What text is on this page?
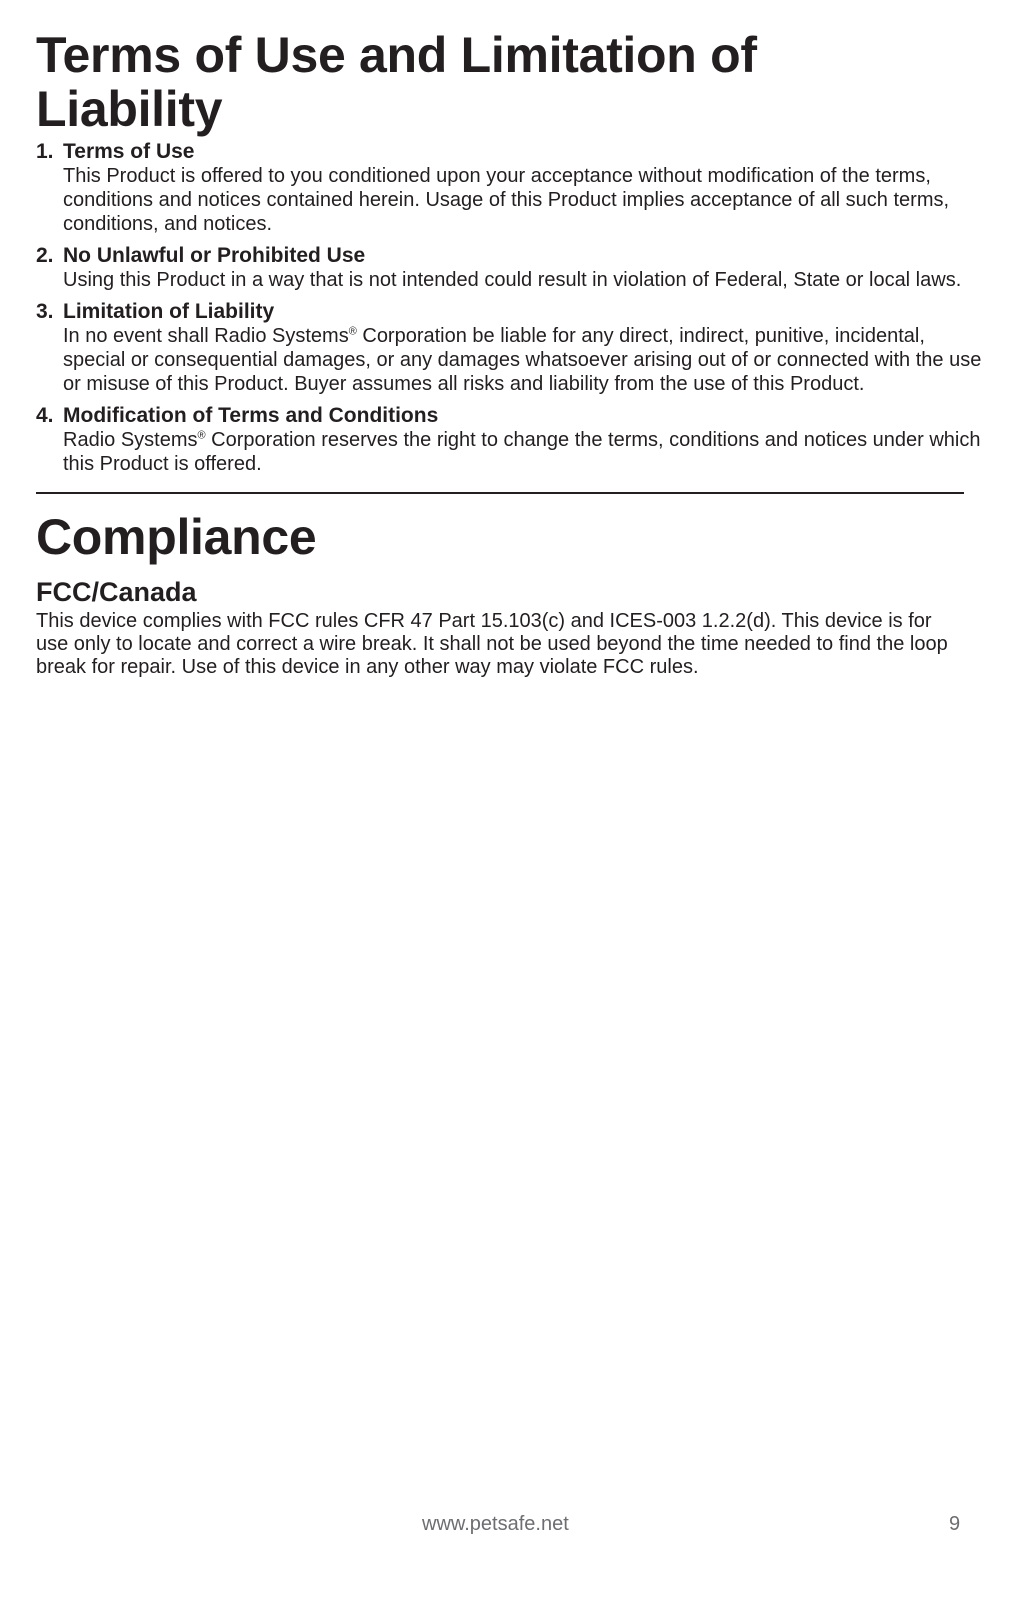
Terms of Use and Limitation of Liability
1. Terms of Use
This Product is offered to you conditioned upon your acceptance without modification of the terms, conditions and notices contained herein. Usage of this Product implies acceptance of all such terms, conditions, and notices.
2. No Unlawful or Prohibited Use
Using this Product in a way that is not intended could result in violation of Federal, State or local laws.
3. Limitation of Liability
In no event shall Radio Systems® Corporation be liable for any direct, indirect, punitive, incidental, special or consequential damages, or any damages whatsoever arising out of or connected with the use or misuse of this Product. Buyer assumes all risks and liability from the use of this Product.
4. Modification of Terms and Conditions
Radio Systems® Corporation reserves the right to change the terms, conditions and notices under which this Product is offered.
Compliance
FCC/Canada
This device complies with FCC rules CFR 47 Part 15.103(c) and ICES-003 1.2.2(d). This device is for use only to locate and correct a wire break. It shall not be used beyond the time needed to find the loop break for repair. Use of this device in any other way may violate FCC rules.
www.petsafe.net	9
